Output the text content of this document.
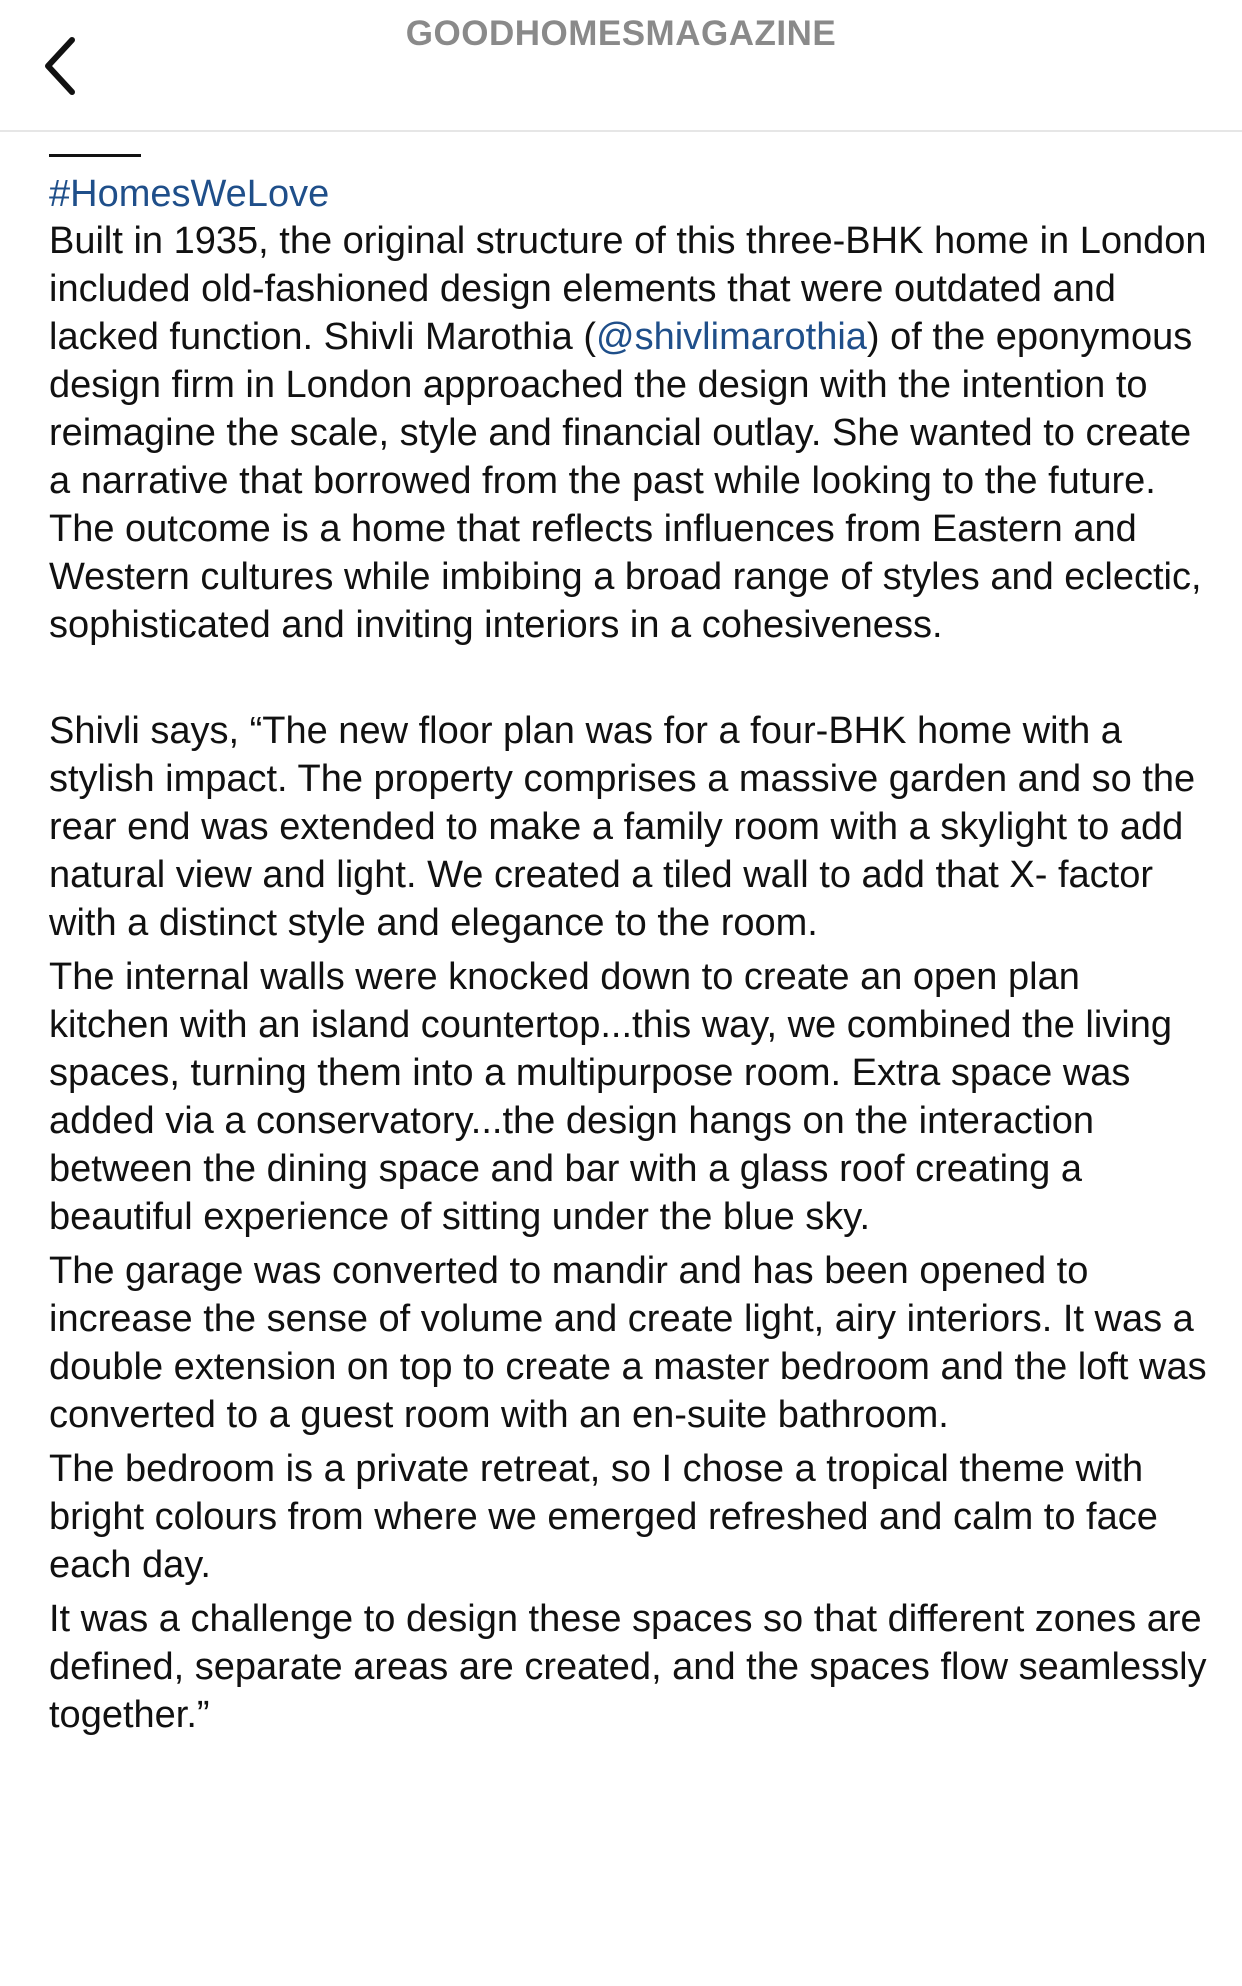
GOODHOMESMAGAZINE
#HomesWeLove

Built in 1935, the original structure of this three-BHK home in London included old-fashioned design elements that were outdated and lacked function. Shivli Marothia (@shivlimarothia) of the eponymous design firm in London approached the design with the intention to reimagine the scale, style and financial outlay. She wanted to create a narrative that borrowed from the past while looking to the future. The outcome is a home that reflects influences from Eastern and Western cultures while imbibing a broad range of styles and eclectic, sophisticated and inviting interiors in a cohesiveness.

Shivli says, “The new floor plan was for a four-BHK home with a stylish impact. The property comprises a massive garden and so the rear end was extended to make a family room with a skylight to add natural view and light. We created a tiled wall to add that X- factor with a distinct style and elegance to the room.

The internal walls were knocked down to create an open plan kitchen with an island countertop...this way, we combined the living spaces, turning them into a multipurpose room. Extra space was added via a conservatory...the design hangs on the interaction between the dining space and bar with a glass roof creating a beautiful experience of sitting under the blue sky.

The garage was converted to mandir and has been opened to increase the sense of volume and create light, airy interiors. It was a double extension on top to create a master bedroom and the loft was converted to a guest room with an en-suite bathroom.

The bedroom is a private retreat, so I chose a tropical theme with bright colours from where we emerged refreshed and calm to face each day.

It was a challenge to design these spaces so that different zones are defined, separate areas are created, and the spaces flow seamlessly together.”
